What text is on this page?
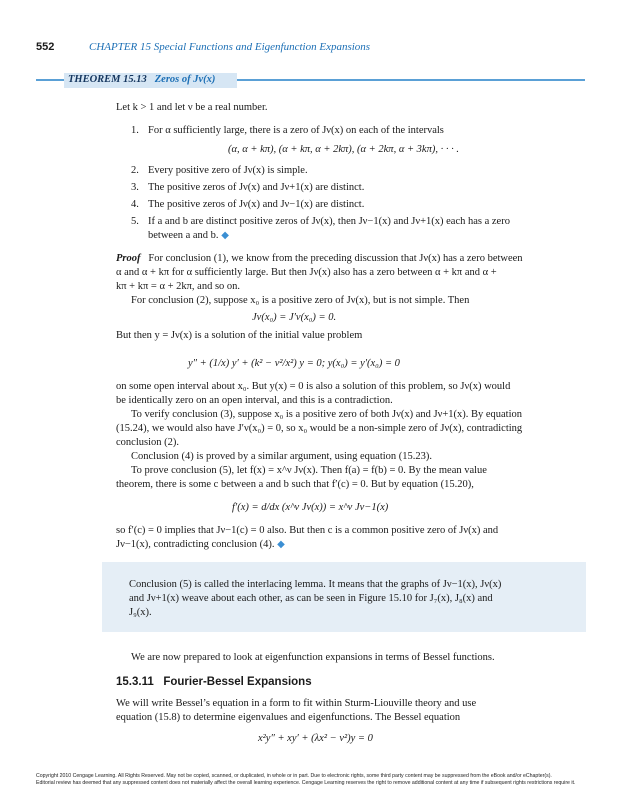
552	CHAPTER 15 Special Functions and Eigenfunction Expansions
THEOREM 15.13 Zeros of Jν(x)
Let k > 1 and let ν be a real number.
1. For α sufficiently large, there is a zero of Jν(x) on each of the intervals
(α, α + kπ), (α + kπ, α + 2kπ), (α + 2kπ, α + 3kπ), · · · .
2. Every positive zero of Jν(x) is simple.
3. The positive zeros of Jν(x) and Jν+1(x) are distinct.
4. The positive zeros of Jν(x) and Jν−1(x) are distinct.
5. If a and b are distinct positive zeros of Jν(x), then Jν−1(x) and Jν+1(x) each has a zero
between a and b. ◆
Proof For conclusion (1), we know from the preceding discussion that Jν(x) has a zero between
α and α + kπ for α sufficiently large. But then Jν(x) also has a zero between α + kπ and α +
kπ + kπ = α + 2kπ, and so on.
For conclusion (2), suppose x₀ is a positive zero of Jν(x), but is not simple. Then
Jν(x₀) = J′ν(x₀) = 0.
But then y = Jν(x) is a solution of the initial value problem
y″ + (1/x) y′ + (k² − ν²/x²) y = 0; y(x₀) = y′(x₀) = 0
on some open interval about x₀. But y(x) = 0 is also a solution of this problem, so Jν(x) would
be identically zero on an open interval, and this is a contradiction.
To verify conclusion (3), suppose x₀ is a positive zero of both Jν(x) and Jν+1(x). By equation
(15.24), we would also have J′ν(x₀) = 0, so x₀ would be a non-simple zero of Jν(x), contradicting
conclusion (2).
Conclusion (4) is proved by a similar argument, using equation (15.23).
To prove conclusion (5), let f(x) = x^ν Jν(x). Then f(a) = f(b) = 0. By the mean value
theorem, there is some c between a and b such that f′(c) = 0. But by equation (15.20),
f′(x) = d/dx (x^ν Jν(x)) = x^ν Jν−1(x)
so f′(c) = 0 implies that Jν−1(c) = 0 also. But then c is a common positive zero of Jν(x) and
Jν−1(x), contradicting conclusion (4). ◆
Conclusion (5) is called the interlacing lemma. It means that the graphs of Jν−1(x), Jν(x)
and Jν+1(x) weave about each other, as can be seen in Figure 15.10 for J₇(x), J₈(x) and
J₉(x).
We are now prepared to look at eigenfunction expansions in terms of Bessel functions.
15.3.11 Fourier-Bessel Expansions
We will write Bessel’s equation in a form to fit within Sturm-Liouville theory and use
equation (15.8) to determine eigenvalues and eigenfunctions. The Bessel equation
x²y″ + xy′ + (λx² − ν²)y = 0
Copyright 2010 Cengage Learning. All Rights Reserved. May not be copied, scanned, or duplicated, in whole or in part. Due to electronic rights, some third party content may be suppressed from the eBook and/or eChapter(s).
Editorial review has deemed that any suppressed content does not materially affect the overall learning experience. Cengage Learning reserves the right to remove additional content at any time if subsequent rights restrictions require it.
